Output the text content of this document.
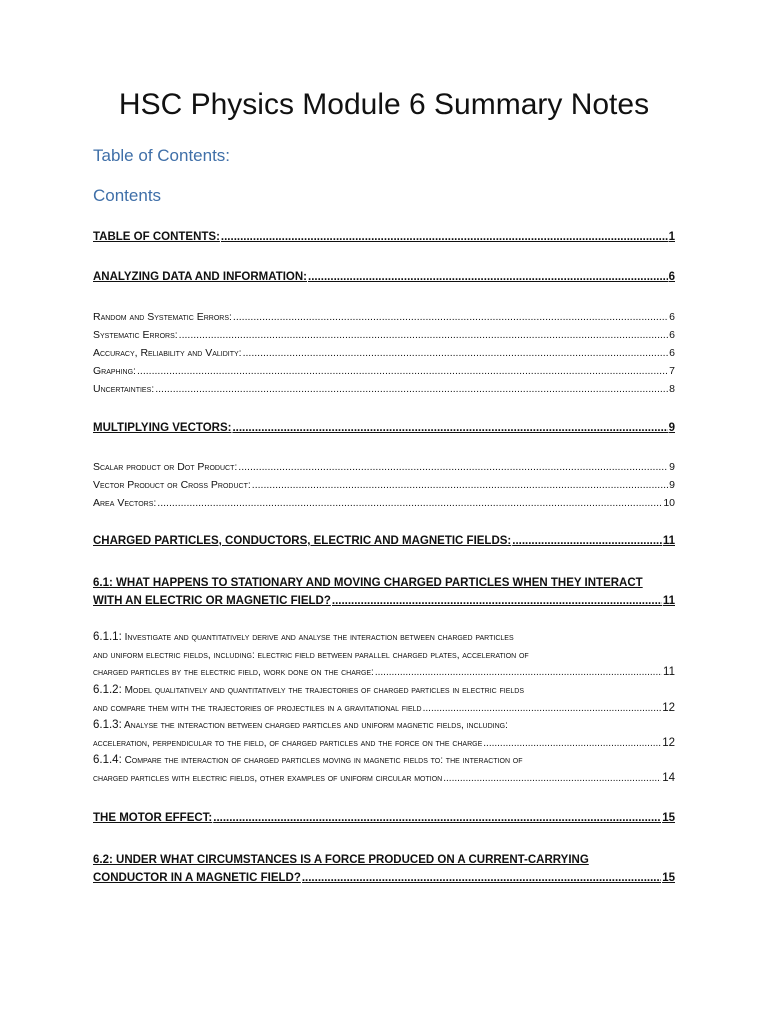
HSC Physics Module 6 Summary Notes
Table of Contents:
Contents
TABLE OF CONTENTS: .....	1
ANALYZING DATA AND INFORMATION: .....	6
Random and Systematic Errors: .....	6
Systematic Errors: .....	6
Accuracy, Reliability and Validity: .....	6
Graphing: .....	7
Uncertainties: .....	8
MULTIPLYING VECTORS: .....	9
Scalar product or Dot Product: .....	9
Vector Product or Cross Product: .....	9
Area Vectors: .....	10
CHARGED PARTICLES, CONDUCTORS, ELECTRIC AND MAGNETIC FIELDS: .....	11
6.1: WHAT HAPPENS TO STATIONARY AND MOVING CHARGED PARTICLES WHEN THEY INTERACT
WITH AN ELECTRIC OR MAGNETIC FIELD? .....	11
6.1.1: Investigate and quantitatively derive and analyse the interaction between charged particles
and uniform electric fields, including: electric field between parallel charged plates, acceleration of
charged particles by the electric field, work done on the charge: .....	11
6.1.2: Model qualitatively and quantitatively the trajectories of charged particles in electric fields
and compare them with the trajectories of projectiles in a gravitational field .....	12
6.1.3: Analyse the interaction between charged particles and uniform magnetic fields, including:
acceleration, perpendicular to the field, of charged particles and the force on the charge .....	12
6.1.4: Compare the interaction of charged particles moving in magnetic fields to: the interaction of
charged particles with electric fields, other examples of uniform circular motion .....	14
THE MOTOR EFFECT: .....	15
6.2: UNDER WHAT CIRCUMSTANCES IS A FORCE PRODUCED ON A CURRENT-CARRYING
CONDUCTOR IN A MAGNETIC FIELD? .....	15
